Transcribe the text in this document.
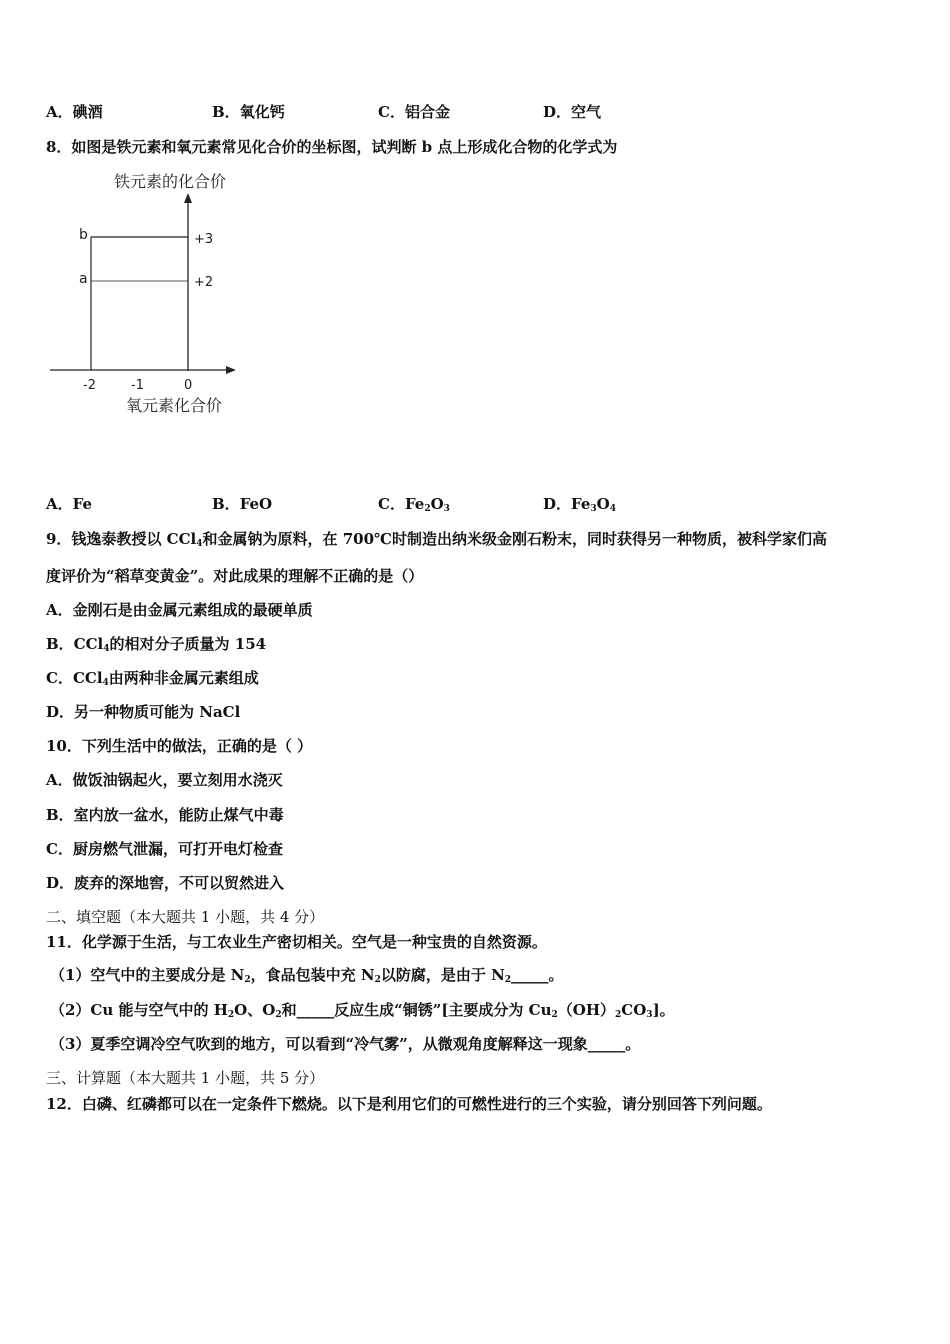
A．碘酒	B．氧化钙	C．铝合金	D．空气
8．如图是铁元素和氧元素常见化合价的坐标图，试判断 b 点上形成化合物的化学式为
铁元素的化合价
b
a
+3
+2
-2	-1	0
氧元素化合价
A．Fe	B．FeO	C．$Fe_2O_3$	D．$Fe_3O_4$
9．钱逸泰教授以 CCl$_4$和金属钠为原料，在 700℃时制造出纳米级金刚石粉末，同时获得另一种物质，被科学家们高
度评价为“稻草变黄金”。对此成果的理解不正确的是（）
A．金刚石是由金属元素组成的最硬单质
B．CCl$_4$的相对分子质量为 154
C．CCl$_4$由两种非金属元素组成
D．另一种物质可能为 NaCl
10．下列生活中的做法，正确的是（ ）
A．做饭油锅起火，要立刻用水浇灭
B．室内放一盆水，能防止煤气中毒
C．厨房燃气泄漏，可打开电灯检查
D．废弃的深地窖，不可以贸然进入
二、填空题（本大题共 1 小题，共 4 分）
11．化学源于生活，与工农业生产密切相关。空气是一种宝贵的自然资源。
（1）空气中的主要成分是 $N_2$，食品包装中充 $N_2$以防腐，是由于 $N_2\_\_\_\_\_$。
（2）Cu 能与空气中的 $H_2O$、$O_2$和_____反应生成“铜锈”[主要成分为 $Cu_2(OH)_2CO_3$]。
（3）夏季空调冷空气吹到的地方，可以看到“冷气雾”，从微观角度解释这一现象_____。
三、计算题（本大题共 1 小题，共 5 分）
12．白磷、红磷都可以在一定条件下燃烧。以下是利用它们的可燃性进行的三个实验，请分别回答下列问题。
